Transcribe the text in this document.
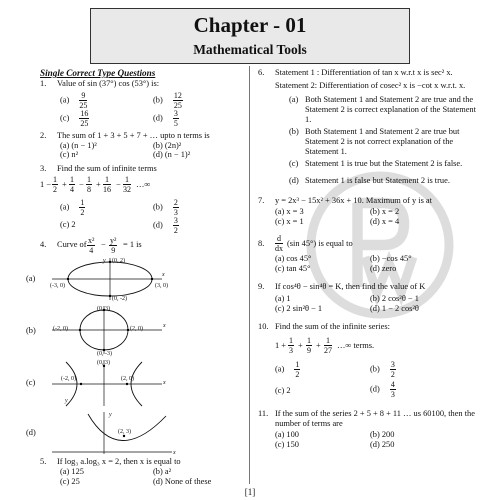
Chapter - 01
Mathematical Tools
Single Correct Type Questions
1. Value of sin (37°) cos (53°) is:
$(a) \frac{9}{25}$	$(b) \frac{12}{25}$
$(c) \frac{16}{25}$	$(d) \frac{3}{5}$
2. The sum of 1 + 3 + 5 + 7 + … upto n terms is
(a) (n − 1)²	(b) (2n)²
(c) n²	(d) (n − 1)²
3. Find the sum of infinite terms
$1 - \frac{1}{2} + \frac{1}{4} - \frac{1}{8} + \frac{1}{16} - \frac{1}{32}$ …∞
$(a) \frac{1}{2}$	$(b) \frac{2}{3}$
(c) 2	$(d) \frac{3}{2}$
4. Curve of $\frac{\text{x²}}{4} - \frac{\text{y²}}{9} = 1$ is
(a)
(0, 2)
(-3, 0)	(3, 0)
(0, -2)
x
y
(b)
(0, 3)
(-2, 0)	(2, 0)
(0, -3)
x
(c)
(0, 3)
(-2, 0)	(2, 0)
x
y
(d)	(2, 3)
x
y
5. If log₃ a.log₃ x = 2, then x is equal to
(a) 125	(b) a²
(c) 25	(d) None of these
6. Statement 1 : Differentiation of tan x w.r.t x is sec² x.
Statement 2: Differentiation of cosec² x is −cot x w.r.t. x.
(a) Both Statement 1 and Statement 2 are true and the Statement 2 is correct explanation of the Statement 1.
(b) Both Statement 1 and Statement 2 are true but Statement 2 is not correct explanation of the Statement 1.
(c) Statement 1 is true but the Statement 2 is false.
(d) Statement 1 is false but Statement 2 is true.
7. y = 2x³ − 15x² + 36x + 10. Maximum of y is at
(a) x = 3	(b) x = 2
(c) x = 1	(d) x = 4
8. $\frac{d}{dx} (\sin$ 45°) is equal to
(a) cos 45°	(b) −cos 45°
(c) tan 45°	(d) zero
9. If cos⁴θ − sin⁴θ = K, then find the value of K
(a) 1	(b) 2 cos²θ − 1
(c) 2 sin²θ − 1	(d) 1 − 2 cos²θ
10. Find the sum of the infinite series:
$1 + \frac{1}{3} + \frac{1}{9} + \frac{1}{27}$ …∞ terms.
$(a) \frac{1}{2}$	$(b) \frac{3}{2}$
(c) 2	$(d) \frac{4}{3}$
11. If the sum of the series 2 + 5 + 8 + 11 … us 60100, then the number of terms are
(a) 100	(b) 200
(c) 150	(d) 250
[1]
